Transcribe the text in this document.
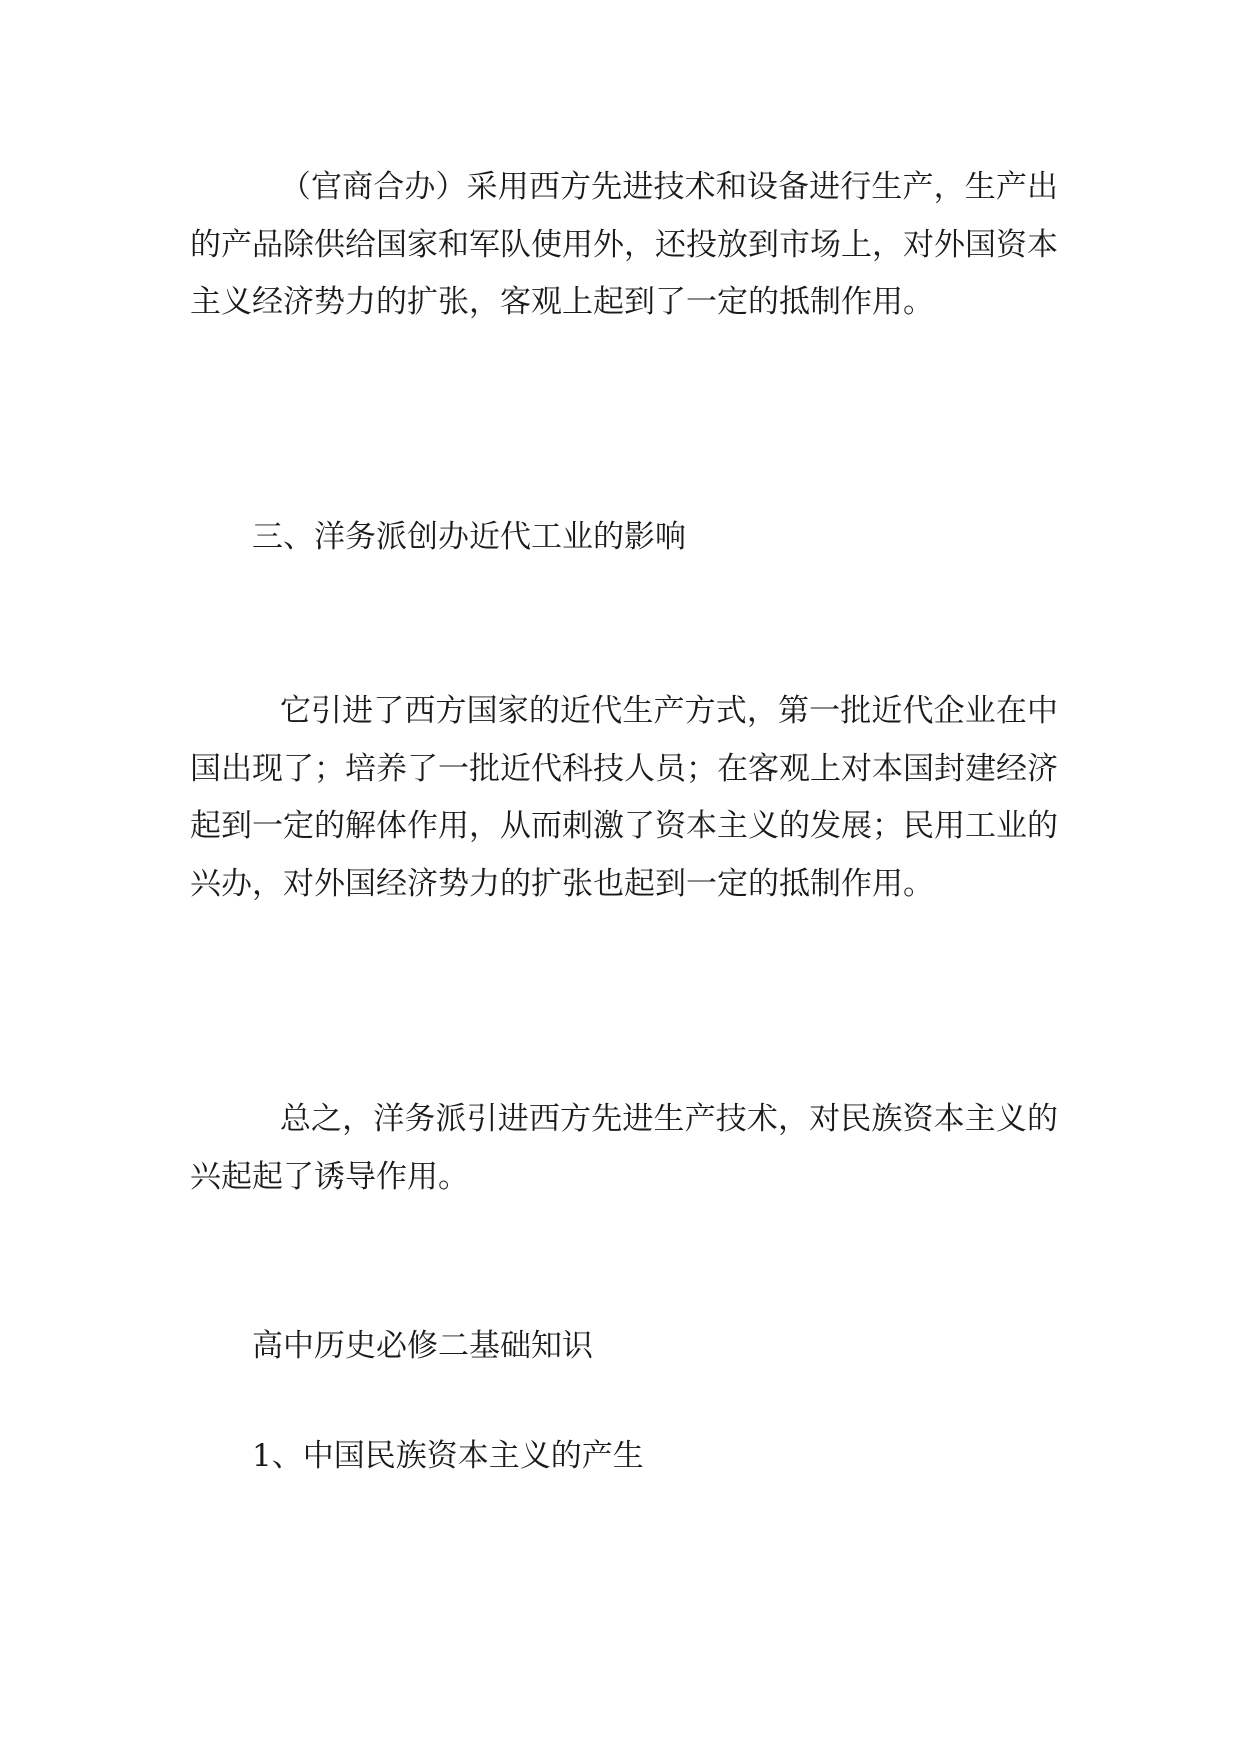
（官商合办）采用西方先进技术和设备进行生产，生产出的产品除供给国家和军队使用外，还投放到市场上，对外国资本主义经济势力的扩张，客观上起到了一定的抵制作用。

三、洋务派创办近代工业的影响

它引进了西方国家的近代生产方式，第一批近代企业在中国出现了；培养了一批近代科技人员；在客观上对本国封建经济起到一定的解体作用，从而刺激了资本主义的发展；民用工业的兴办，对外国经济势力的扩张也起到一定的抵制作用。

总之，洋务派引进西方先进生产技术，对民族资本主义的兴起起了诱导作用。

高中历史必修二基础知识
1、中国民族资本主义的产生
